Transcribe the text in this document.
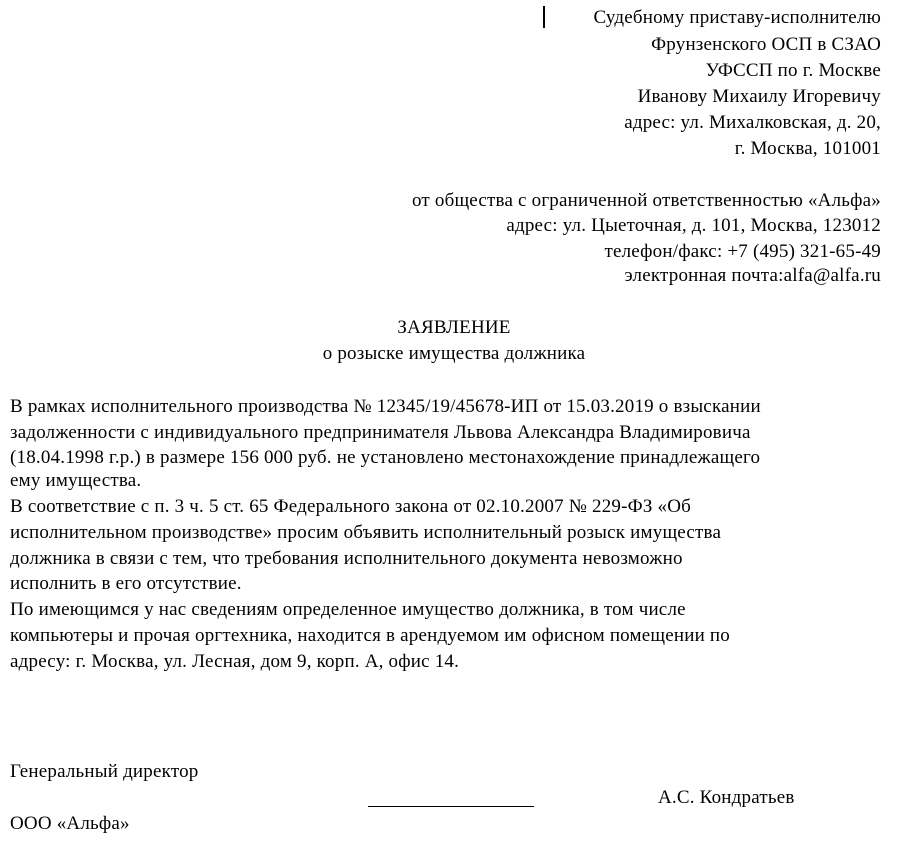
Судебному приставу-исполнителю
Фрунзенского ОСП в СЗАО
УФССП по г. Москве
Иванову Михаилу Игоревичу
адрес: ул. Михалковская, д. 20,
г. Москва, 101001
от общества с ограниченной ответственностью «Альфа»
адрес: ул. Цыеточная, д. 101, Москва, 123012
телефон/факс: +7 (495) 321-65-49
электронная почта:alfa@alfa.ru
ЗАЯВЛЕНИЕ
о розыске имущества должника
В рамках исполнительного производства № 12345/19/45678-ИП от 15.03.2019 о взыскании
задолженности с индивидуального предпринимателя Львова Александра Владимировича
(18.04.1998 г.р.) в размере 156 000 руб. не установлено местонахождение принадлежащего
ему имущества.
В соответствие с п. 3 ч. 5 ст. 65 Федерального закона от 02.10.2007 № 229-ФЗ «Об
исполнительном производстве» просим объявить исполнительный розыск имущества
должника в связи с тем, что требования исполнительного документа невозможно
исполнить в его отсутствие.
По имеющимся у нас сведениям определенное имущество должника, в том числе
компьютеры и прочая оргтехника, находится в арендуемом им офисном помещении по
адресу: г. Москва, ул. Лесная, дом 9, корп. А, офис 14.
Генеральный директор
А.С. Кондратьев
ООО «Альфа»
